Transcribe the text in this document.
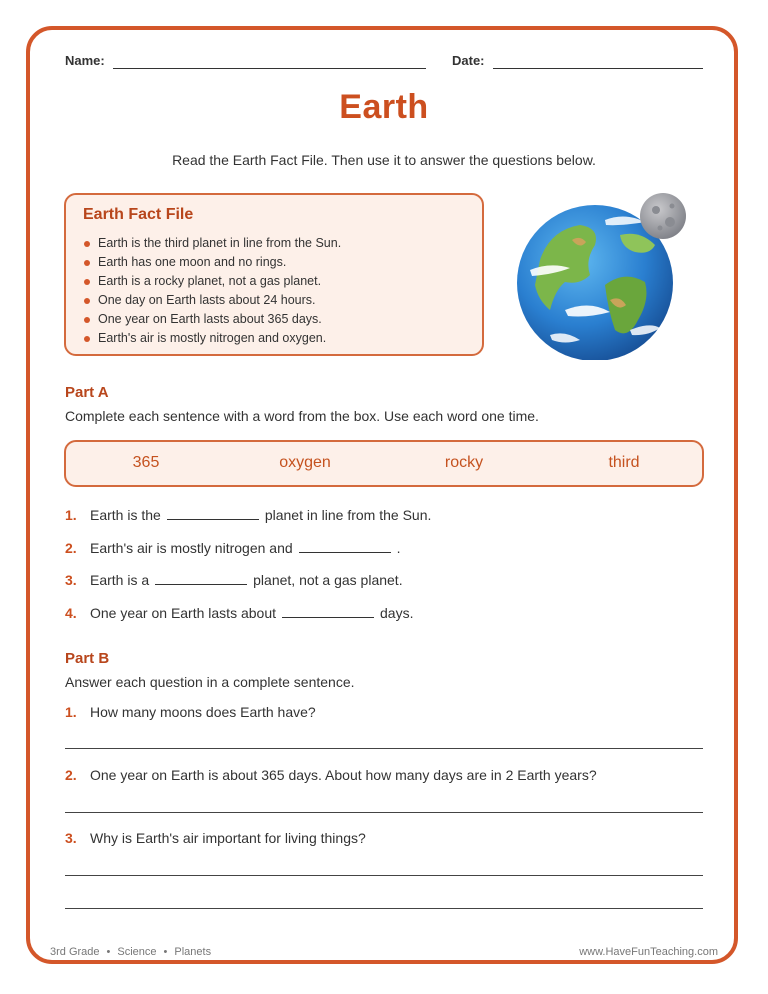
Name:	Date:
Earth
Read the Earth Fact File. Then use it to answer the questions below.
Earth Fact File
Earth is the third planet in line from the Sun.
Earth has one moon and no rings.
Earth is a rocky planet, not a gas planet.
One day on Earth lasts about 24 hours.
One year on Earth lasts about 365 days.
Earth's air is mostly nitrogen and oxygen.
Part A
Complete each sentence with a word from the box. Use each word one time.
365	oxygen	rocky	third
1. Earth is the	planet in line from the Sun.
2. Earth's air is mostly nitrogen and	.
3. Earth is a	planet, not a gas planet.
4. One year on Earth lasts about	days.
Part B
Answer each question in a complete sentence.
1. How many moons does Earth have?
2. One year on Earth is about 365 days. About how many days are in 2 Earth years?
3. Why is Earth's air important for living things?
3rd Grade • Science • Planets	www.HaveFunTeaching.com
